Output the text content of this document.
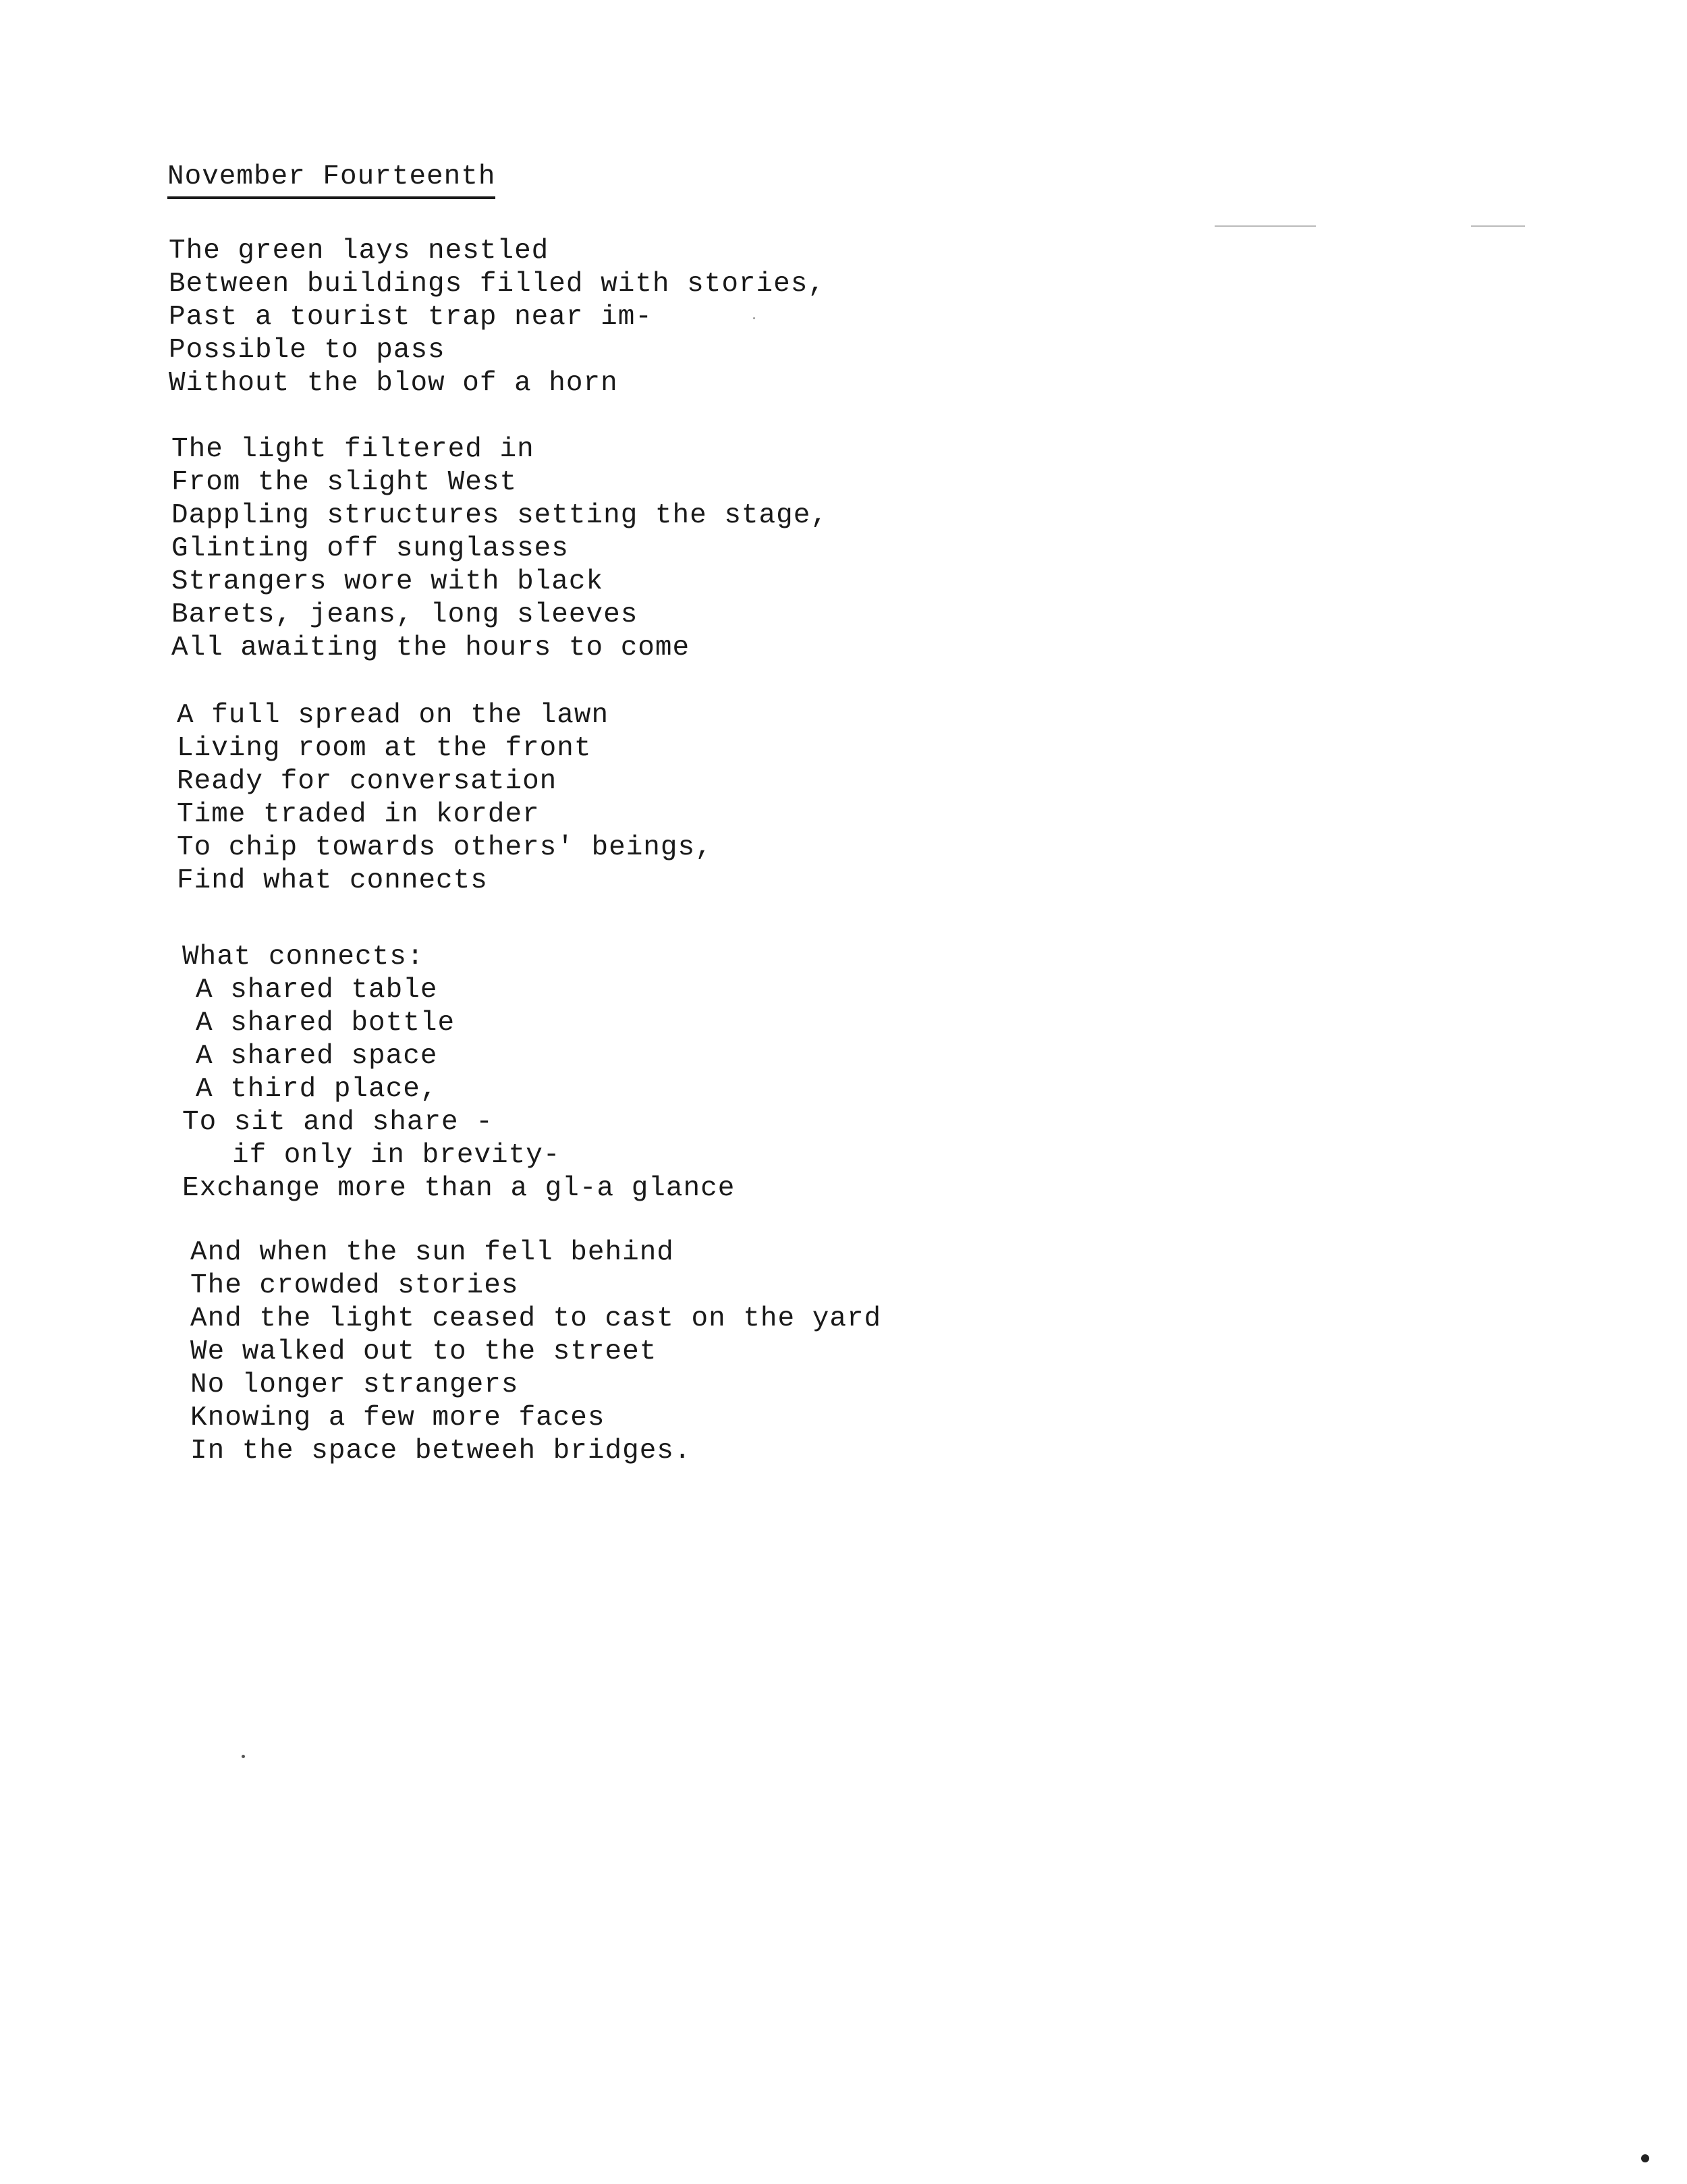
November Fourteenth
The green lays nestled
Between buildings filled with stories,
Past a tourist trap near im-
Possible to pass
Without the blow of a horn
The light filtered in
From the slight West
Dappling structures setting the stage,
Glinting off sunglasses
Strangers wore with black
Barets, jeans, long sleeves
All awaiting the hours to come
A full spread on the lawn
Living room at the front
Ready for conversation
Time traded in korder
To chip towards others' beings,
Find what connects
What connects:
A shared table
A shared bottle
A shared space
A third place,
To sit and share -
if only in brevity-
Exchange more than a gl-a glance
And when the sun fell behind
The crowded stories
And the light ceased to cast on the yard
We walked out to the street
No longer strangers
Knowing a few more faces
In the space betweeh bridges.
